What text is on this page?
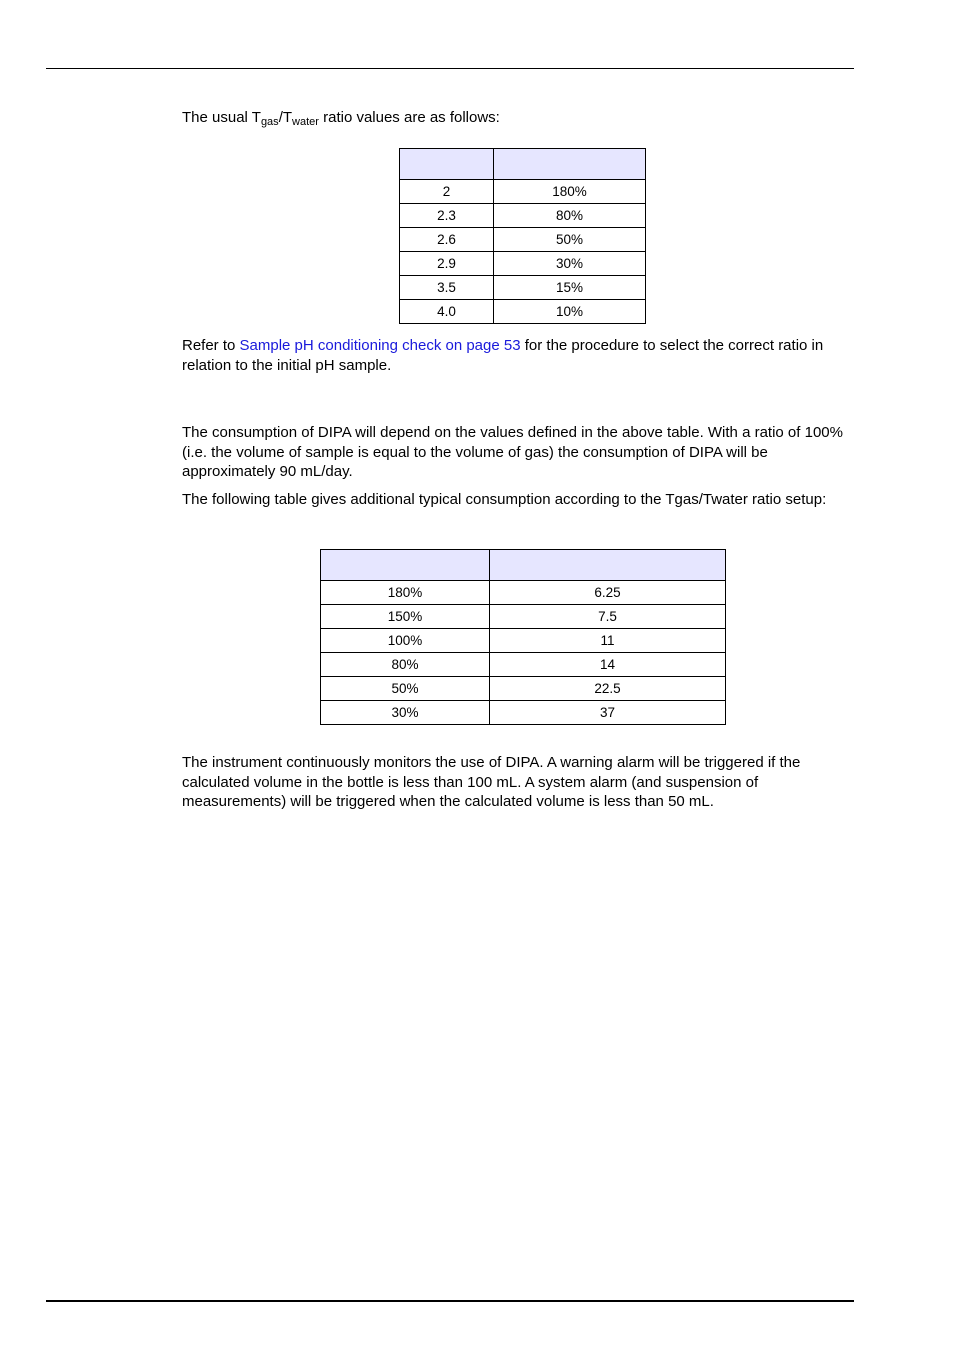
The usual $T_{gas}/T_{water}$ ratio values are as follows:

2	180%
2.3	80%
2.6	50%
2.9	30%
3.5	15%
4.0	10%

Refer to Sample pH conditioning check on page 53 for the procedure to select the correct ratio in relation to the initial pH sample.

The consumption of DIPA will depend on the values defined in the above table. With a ratio of 100% (i.e. the volume of sample is equal to the volume of gas) the consumption of DIPA will be approximately 90 mL/day.

The following table gives additional typical consumption according to the Tgas/Twater ratio setup:

180%	6.25
150%	7.5
100%	11
80%	14
50%	22.5
30%	37

The instrument continuously monitors the use of DIPA. A warning alarm will be triggered if the calculated volume in the bottle is less than 100 mL. A system alarm (and suspension of measurements) will be triggered when the calculated volume is less than 50 mL.
